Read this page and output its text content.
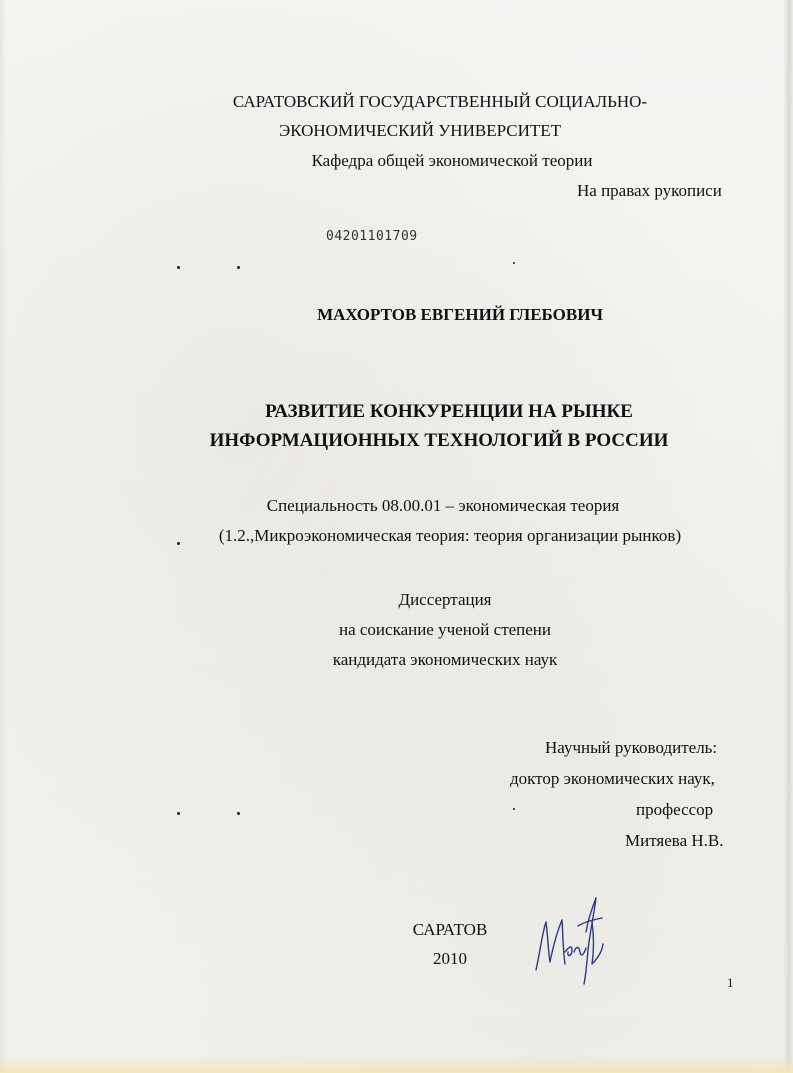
САРАТОВСКИЙ ГОСУДАРСТВЕННЫЙ СОЦИАЛЬНО-
ЭКОНОМИЧЕСКИЙ УНИВЕРСИТЕТ
Кафедра общей экономической теории
На правах рукописи
04201101709
МАХОРТОВ ЕВГЕНИЙ ГЛЕБОВИЧ
РАЗВИТИЕ КОНКУРЕНЦИИ НА РЫНКЕ
ИНФОРМАЦИОННЫХ ТЕХНОЛОГИЙ В РОССИИ
Специальность 08.00.01 – экономическая теория
(1.2.,Микроэкономическая теория: теория организации рынков)
Диссертация
на соискание ученой степени
кандидата экономических наук
Научный руководитель:
доктор экономических наук,
профессор
Митяева Н.В.
САРАТОВ
2010
1
